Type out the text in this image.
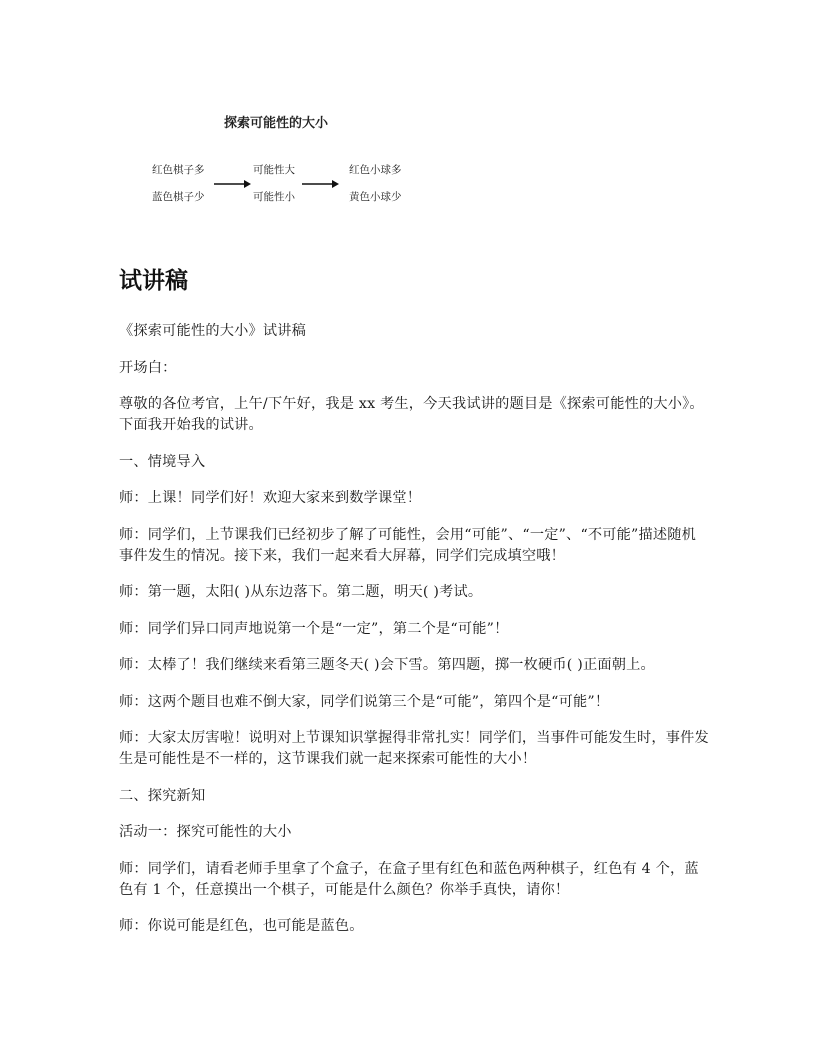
探索可能性的大小
红色棋子多
蓝色棋子少
可能性大
可能性小
红色小球多
黄色小球少
试讲稿

《探索可能性的大小》试讲稿

开场白：

尊敬的各位考官，上午/下午好，我是 xx 考生，今天我试讲的题目是《探索可能性的大小》。下面我开始我的试讲。

一、情境导入

师：上课！同学们好！欢迎大家来到数学课堂！

师：同学们，上节课我们已经初步了解了可能性，会用“可能”、“一定”、“不可能”描述随机事件发生的情况。接下来，我们一起来看大屏幕，同学们完成填空哦！

师：第一题，太阳( )从东边落下。第二题，明天( )考试。

师：同学们异口同声地说第一个是“一定”，第二个是“可能”！

师：太棒了！我们继续来看第三题冬天( )会下雪。第四题，掷一枚硬币( )正面朝上。

师：这两个题目也难不倒大家，同学们说第三个是“可能”，第四个是“可能”！

师：大家太厉害啦！说明对上节课知识掌握得非常扎实！同学们，当事件可能发生时，事件发生是可能性是不一样的，这节课我们就一起来探索可能性的大小！

二、探究新知

活动一：探究可能性的大小

师：同学们，请看老师手里拿了个盒子，在盒子里有红色和蓝色两种棋子，红色有 4 个，蓝色有 1 个，任意摸出一个棋子，可能是什么颜色？你举手真快，请你！

师：你说可能是红色，也可能是蓝色。
